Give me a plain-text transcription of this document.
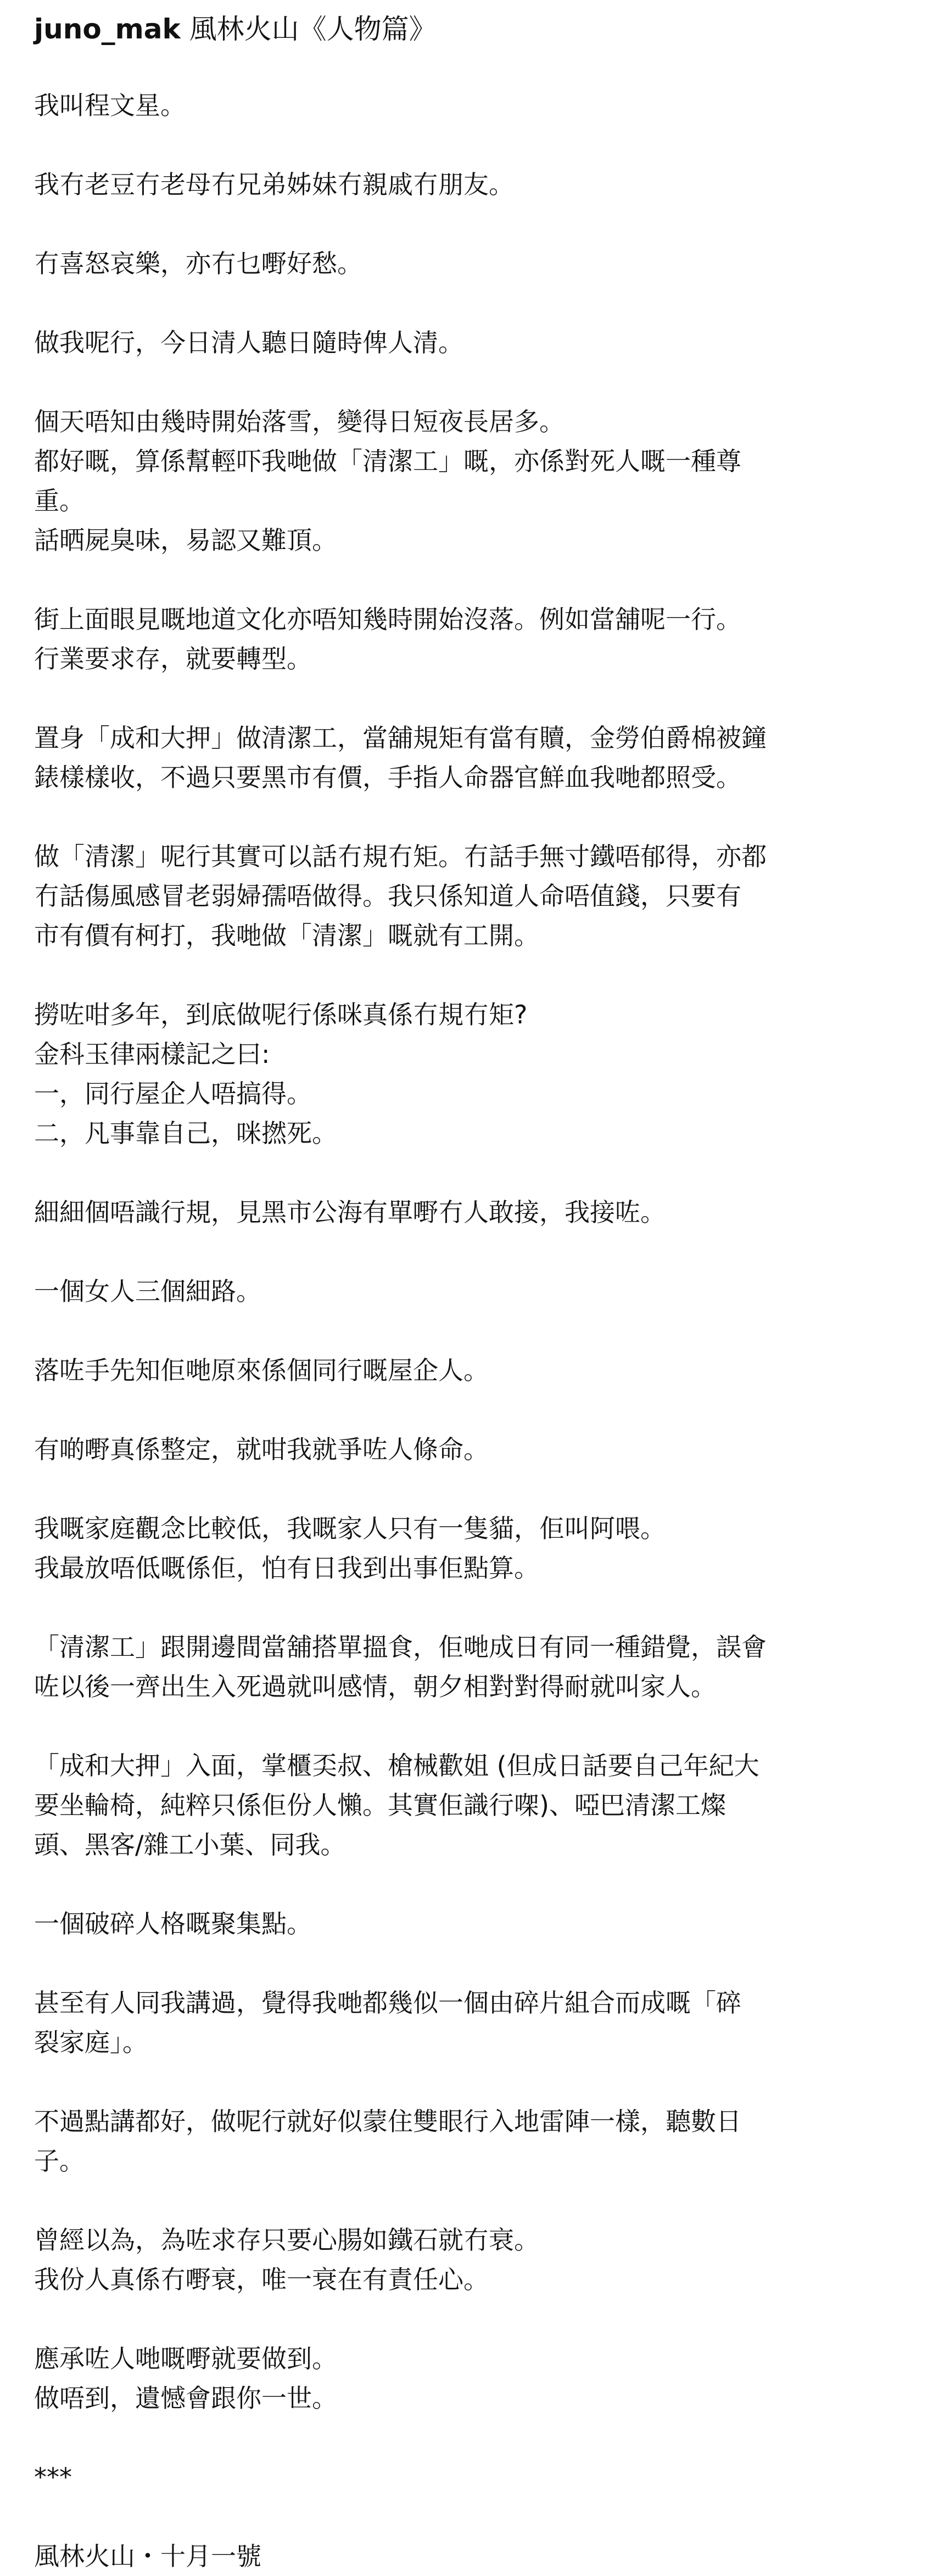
juno_mak 風林火山《人物篇》

我叫程文星。

我冇老豆冇老母冇兄弟姊妹冇親戚冇朋友。

冇喜怒哀樂，亦冇乜嘢好愁。

做我呢行，今日清人聽日隨時俾人清。

個天唔知由幾時開始落雪，變得日短夜長居多。
都好嘅，算係幫輕吓我哋做「清潔工」嘅，亦係對死人嘅一種尊
重。
話晒屍臭味，易認又難頂。

街上面眼見嘅地道文化亦唔知幾時開始沒落。例如當舖呢一行。
行業要求存，就要轉型。

置身「成和大押」做清潔工，當舖規矩有當有贖，金勞伯爵棉被鐘
錶樣樣收，不過只要黑市有價，手指人命器官鮮血我哋都照受。

做「清潔」呢行其實可以話冇規冇矩。冇話手無寸鐵唔郁得，亦都
冇話傷風感冒老弱婦孺唔做得。我只係知道人命唔值錢，只要有
市有價有柯打，我哋做「清潔」嘅就有工開。

撈咗咁多年，到底做呢行係咪真係冇規冇矩?
金科玉律兩樣記之曰:
一，同行屋企人唔搞得。
二，凡事靠自己，咪撚死。

細細個唔識行規，見黑市公海有單嘢冇人敢接，我接咗。

一個女人三個細路。

落咗手先知佢哋原來係個同行嘅屋企人。

有啲嘢真係整定，就咁我就爭咗人條命。

我嘅家庭觀念比較低，我嘅家人只有一隻貓，佢叫阿喂。
我最放唔低嘅係佢，怕有日我到出事佢點算。

「清潔工」跟開邊間當舖搭單搵食，佢哋成日有同一種錯覺，誤會
咗以後一齊出生入死過就叫感情，朝夕相對對得耐就叫家人。

「成和大押」入面，掌櫃奀叔、槍械歡姐 (但成日話要自己年紀大
要坐輪椅，純粹只係佢份人懶。其實佢識行㗎)、啞巴清潔工燦
頭、黑客/雜工小葉、同我。

一個破碎人格嘅聚集點。

甚至有人同我講過，覺得我哋都幾似一個由碎片組合而成嘅「碎
裂家庭」。

不過點講都好，做呢行就好似蒙住雙眼行入地雷陣一樣，聽數日
子。

曾經以為，為咗求存只要心腸如鐵石就冇衰。
我份人真係冇嘢衰，唯一衰在有責任心。

應承咗人哋嘅嘢就要做到。
做唔到，遺憾會跟你一世。

***
風林火山・十月一號
